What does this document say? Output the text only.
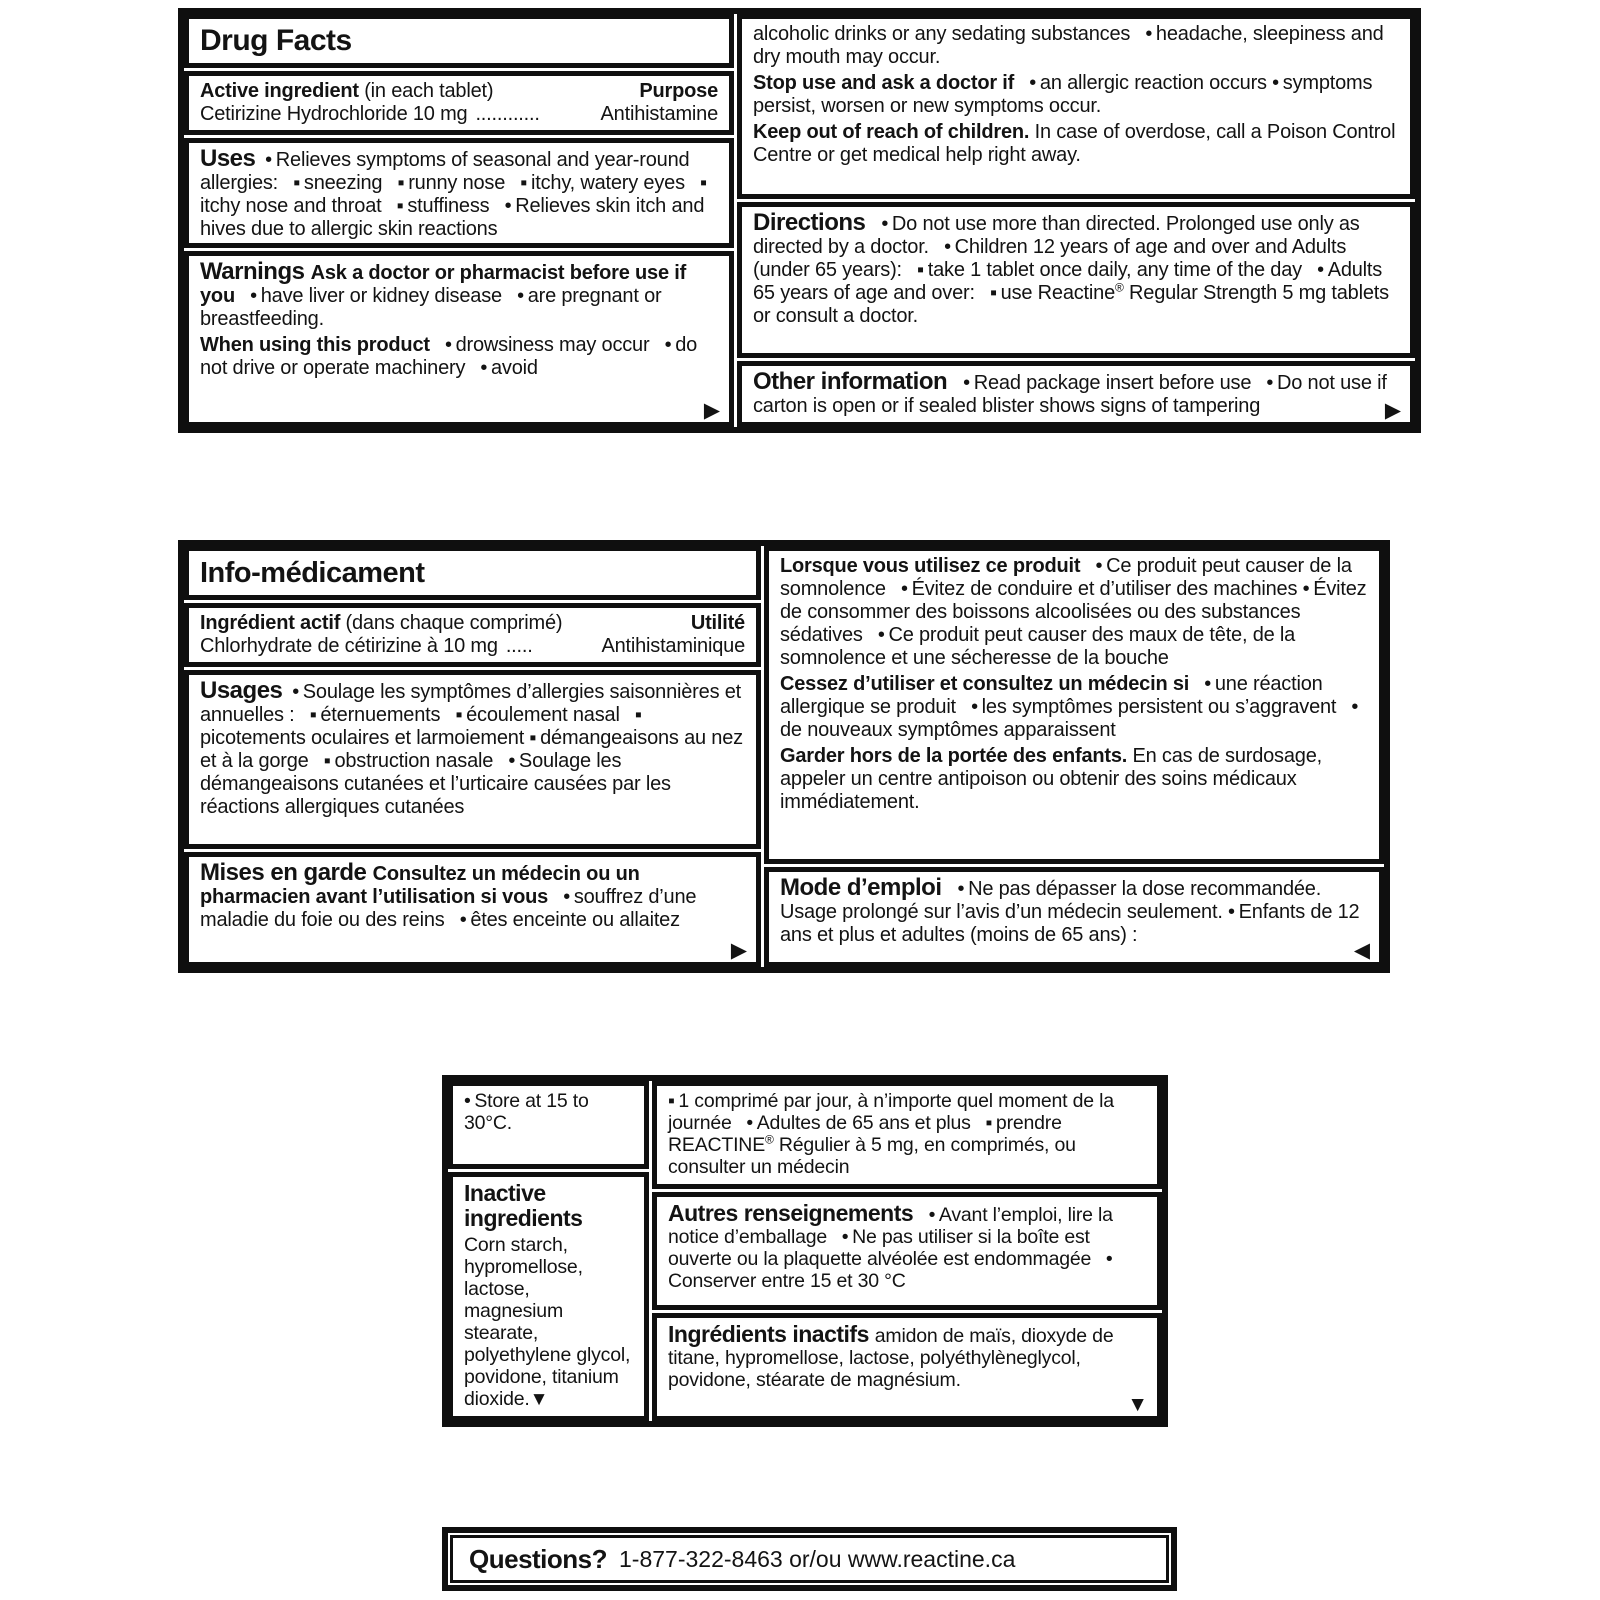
Drug Facts
Active ingredient (in each tablet)	Purpose
Cetirizine Hydrochloride 10 mg ............	Antihistamine

Uses • Relieves symptoms of seasonal and year-round allergies:  ▪ sneezing  ▪ runny nose  ▪ itchy, watery eyes  ▪ itchy nose and throat  ▪ stuffiness  • Relieves skin itch and hives due to allergic skin reactions

Warnings Ask a doctor or pharmacist before use if you  • have liver or kidney disease  • are pregnant or breastfeeding.

When using this product  • drowsiness may occur  • do not drive or operate machinery  • avoid

▶

alcoholic drinks or any sedating substances  • headache, sleepiness and dry mouth may occur.

Stop use and ask a doctor if  • an allergic reaction occurs • symptoms persist, worsen or new symptoms occur.

Keep out of reach of children. In case of overdose, call a Poison Control Centre or get medical help right away.

Directions  • Do not use more than directed. Prolonged use only as directed by a doctor.  • Children 12 years of age and over and Adults (under 65 years):  ▪ take 1 tablet once daily, any time of the day  • Adults 65 years of age and over:  ▪ use Reactine® Regular Strength 5 mg tablets or consult a doctor.

Other information  • Read package insert before use  • Do not use if carton is open or if sealed blister shows signs of tampering	▶
Info-médicament
Ingrédient actif (dans chaque comprimé)	Utilité
Chlorhydrate de cétirizine à 10 mg .....	Antihistaminique

Usages • Soulage les symptômes d’allergies saisonnières et annuelles :  ▪ éternuements  ▪ écoulement nasal  ▪ picotements oculaires et larmoiement ▪ démangeaisons au nez et à la gorge  ▪ obstruction nasale  • Soulage les démangeaisons cutanées et l’urticaire causées par les réactions allergiques cutanées

Mises en garde Consultez un médecin ou un pharmacien avant l’utilisation si vous  • souffrez d’une maladie du foie ou des reins  • êtes enceinte ou allaitez

▶

Lorsque vous utilisez ce produit  • Ce produit peut causer de la somnolence  • Évitez de conduire et d’utiliser des machines • Évitez de consommer des boissons alcoolisées ou des substances sédatives  • Ce produit peut causer des maux de tête, de la somnolence et une sécheresse de la bouche

Cessez d’utiliser et consultez un médecin si  • une réaction allergique se produit  • les symptômes persistent ou s’aggravent  • de nouveaux symptômes apparaissent

Garder hors de la portée des enfants. En cas de surdosage, appeler un centre antipoison ou obtenir des soins médicaux immédiatement.

Mode d’emploi  • Ne pas dépasser la dose recommandée. Usage prolongé sur l’avis d’un médecin seulement. • Enfants de 12 ans et plus et adultes (moins de 65 ans) :

◀

• Store at 15 to 30°C.

Inactive ingredients

Corn starch, hypromellose, lactose, magnesium stearate, polyethylene glycol, povidone, titanium dioxide.▼

▪ 1 comprimé par jour, à n’importe quel moment de la journée  • Adultes de 65 ans et plus  ▪ prendre REACTINE® Régulier à 5 mg, en comprimés, ou consulter un médecin

Autres renseignements  • Avant l’emploi, lire la notice d’emballage  • Ne pas utiliser si la boîte est ouverte ou la plaquette alvéolée est endommagée  • Conserver entre 15 et 30 °C

Ingrédients inactifs amidon de maïs, dioxyde de titane, hypromellose, lactose, polyéthylèneglycol, povidone, stéarate de magnésium.

▼
Questions? 1-877-322-8463 or/ou www.reactine.ca
